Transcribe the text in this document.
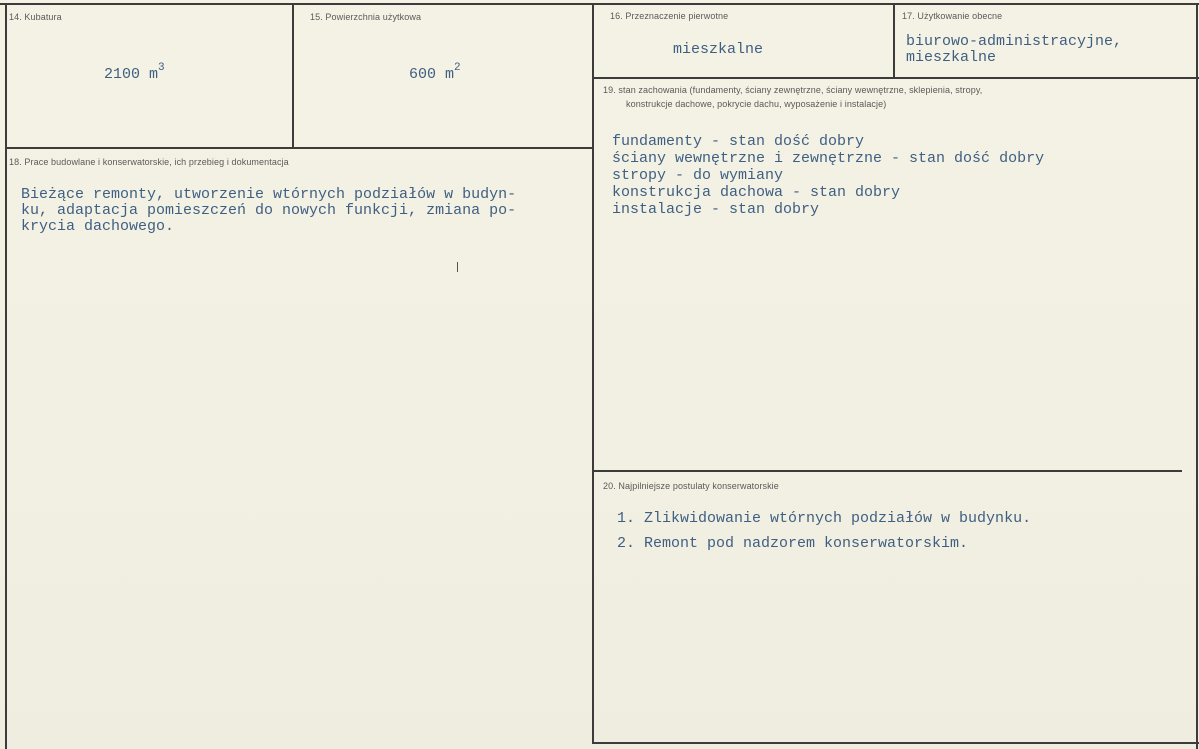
14. Kubatura
2100 $m^3$
15. Powierzchnia użytkowa
600 $m^2$
16. Przeznaczenie pierwotne
mieszkalne
17. Użytkowanie obecne
biurowo-administracyjne,
mieszkalne
18. Prace budowlane i konserwatorskie, ich przebieg i dokumentacja
Bieżące remonty, utworzenie wtórnych podziałów w budyn-
ku, adaptacja pomieszczeń do nowych funkcji, zmiana po-
krycia dachowego.
19. stan zachowania (fundamenty, ściany zewnętrzne, ściany wewnętrzne, sklepienia, stropy,
konstrukcje dachowe, pokrycie dachu, wyposażenie i instalacje)
fundamenty - stan dość dobry
ściany wewnętrzne i zewnętrzne - stan dość dobry
stropy - do wymiany
konstrukcja dachowa - stan dobry
instalacje - stan dobry
20. Najpilniejsze postulaty konserwatorskie
1. Zlikwidowanie wtórnych podziałów w budynku.
2. Remont pod nadzorem konserwatorskim.
